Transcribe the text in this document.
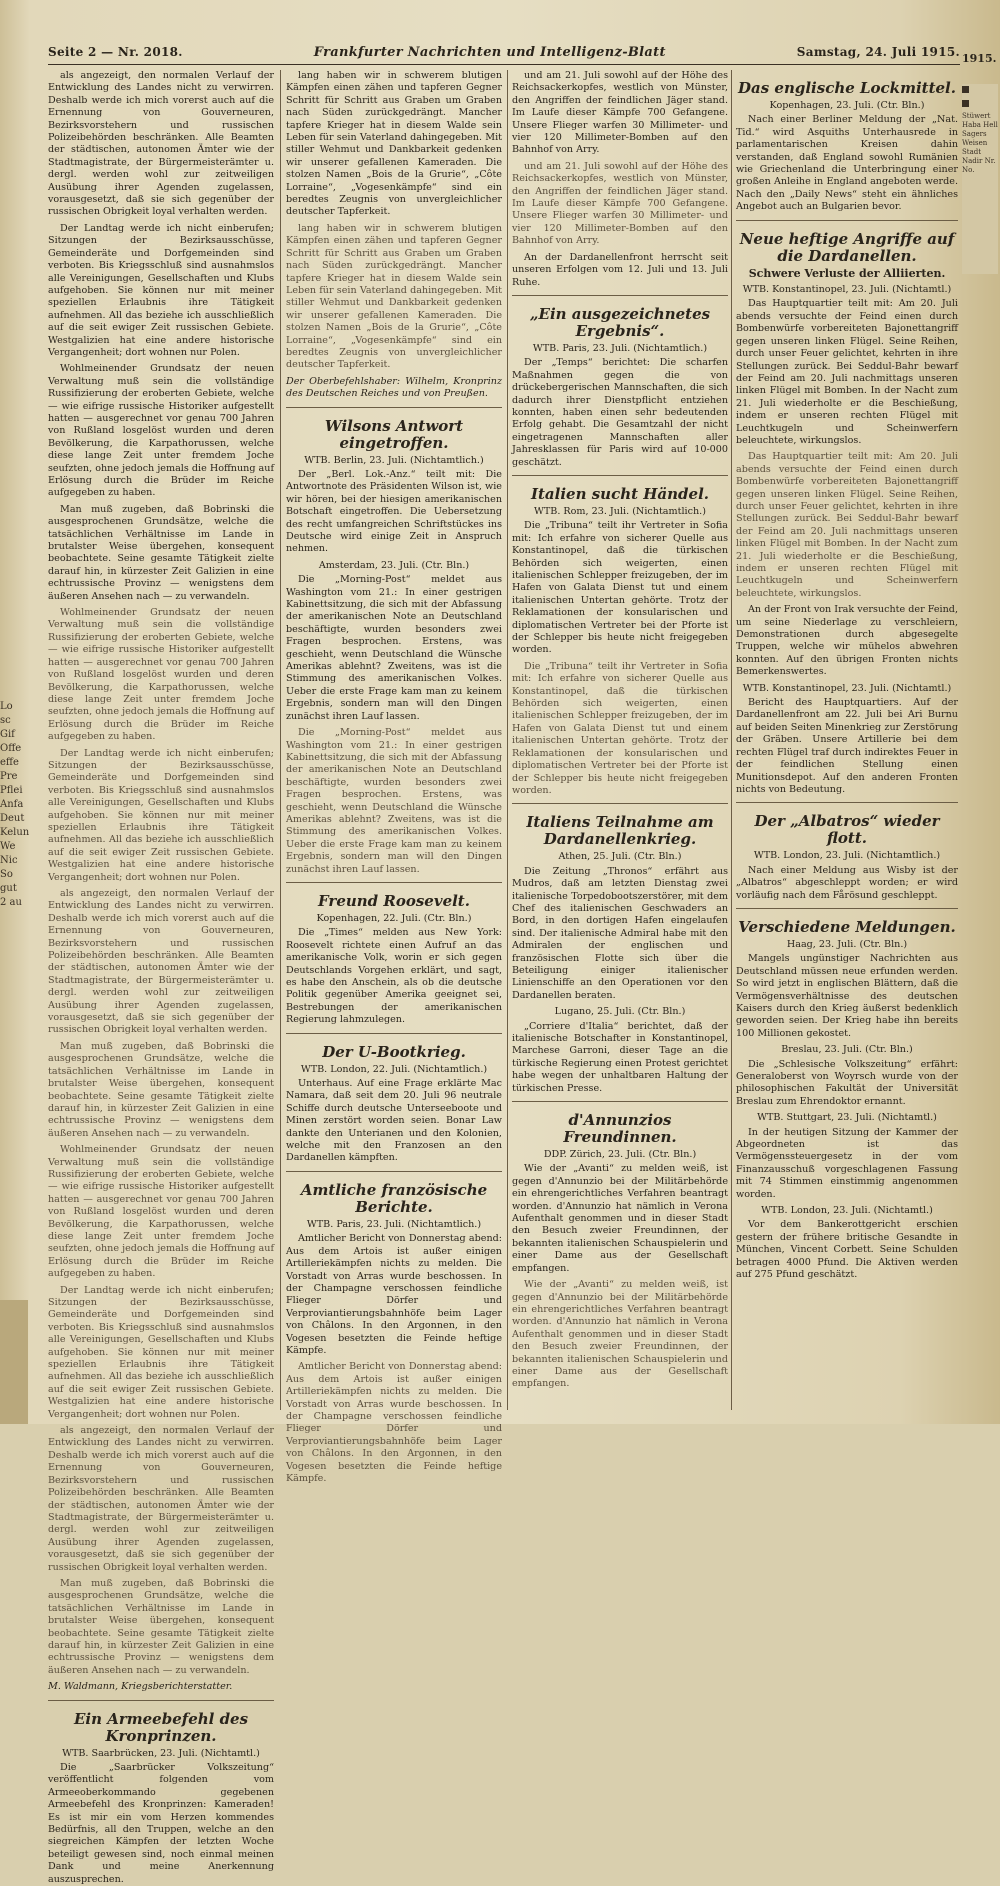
Lo sc Gif Offe effe Pre Pflei Anfa Deut Kelun We Nic So gut 2 au
Seite 2 — Nr. 2018.	Frankfurter Nachrichten und Intelligenz-Blatt	Samstag, 24. Juli 1915. 1915.

Stüwert Haba Hell Sagers Weisen Stadt Nadir Nr. No.

als angezeigt, den normalen Verlauf der Entwicklung des Landes nicht zu verwirren. Deshalb werde ich mich vorerst auch auf die Ernennung von Gouverneuren, Bezirksvorstehern und russischen Polizeibehörden beschränken. Alle Beamten der städtischen, autonomen Ämter wie der Stadtmagistrate, der Bürgermeisterämter u. dergl. werden wohl zur zeitweiligen Ausübung ihrer Agenden zugelassen, vorausgesetzt, daß sie sich gegenüber der russischen Obrigkeit loyal verhalten werden.

Der Landtag werde ich nicht einberufen; Sitzungen der Bezirksausschüsse, Gemeinderäte und Dorfgemeinden sind verboten. Bis Kriegsschluß sind ausnahmslos alle Vereinigungen, Gesellschaften und Klubs aufgehoben. Sie können nur mit meiner speziellen Erlaubnis ihre Tätigkeit aufnehmen. All das beziehe ich ausschließlich auf die seit ewiger Zeit russischen Gebiete. Westgalizien hat eine andere historische Vergangenheit; dort wohnen nur Polen.

Wohlmeinender Grundsatz der neuen Verwaltung muß sein die vollständige Russifizierung der eroberten Gebiete, welche — wie eifrige russische Historiker aufgestellt hatten — ausgerechnet vor genau 700 Jahren von Rußland losgelöst wurden und deren Bevölkerung, die Karpathorussen, welche diese lange Zeit unter fremdem Joche seufzten, ohne jedoch jemals die Hoffnung auf Erlösung durch die Brüder im Reiche aufgegeben zu haben.

Man muß zugeben, daß Bobrinski die ausgesprochenen Grundsätze, welche die tatsächlichen Verhältnisse im Lande in brutalster Weise übergehen, konsequent beobachtete. Seine gesamte Tätigkeit zielte darauf hin, in kürzester Zeit Galizien in eine echtrussische Provinz — wenigstens dem äußeren Ansehen nach — zu verwandeln.

Wohlmeinender Grundsatz der neuen Verwaltung muß sein die vollständige Russifizierung der eroberten Gebiete, welche — wie eifrige russische Historiker aufgestellt hatten — ausgerechnet vor genau 700 Jahren von Rußland losgelöst wurden und deren Bevölkerung, die Karpathorussen, welche diese lange Zeit unter fremdem Joche seufzten, ohne jedoch jemals die Hoffnung auf Erlösung durch die Brüder im Reiche aufgegeben zu haben.

Der Landtag werde ich nicht einberufen; Sitzungen der Bezirksausschüsse, Gemeinderäte und Dorfgemeinden sind verboten. Bis Kriegsschluß sind ausnahmslos alle Vereinigungen, Gesellschaften und Klubs aufgehoben. Sie können nur mit meiner speziellen Erlaubnis ihre Tätigkeit aufnehmen. All das beziehe ich ausschließlich auf die seit ewiger Zeit russischen Gebiete. Westgalizien hat eine andere historische Vergangenheit; dort wohnen nur Polen.

als angezeigt, den normalen Verlauf der Entwicklung des Landes nicht zu verwirren. Deshalb werde ich mich vorerst auch auf die Ernennung von Gouverneuren, Bezirksvorstehern und russischen Polizeibehörden beschränken. Alle Beamten der städtischen, autonomen Ämter wie der Stadtmagistrate, der Bürgermeisterämter u. dergl. werden wohl zur zeitweiligen Ausübung ihrer Agenden zugelassen, vorausgesetzt, daß sie sich gegenüber der russischen Obrigkeit loyal verhalten werden.

Man muß zugeben, daß Bobrinski die ausgesprochenen Grundsätze, welche die tatsächlichen Verhältnisse im Lande in brutalster Weise übergehen, konsequent beobachtete. Seine gesamte Tätigkeit zielte darauf hin, in kürzester Zeit Galizien in eine echtrussische Provinz — wenigstens dem äußeren Ansehen nach — zu verwandeln.

Wohlmeinender Grundsatz der neuen Verwaltung muß sein die vollständige Russifizierung der eroberten Gebiete, welche — wie eifrige russische Historiker aufgestellt hatten — ausgerechnet vor genau 700 Jahren von Rußland losgelöst wurden und deren Bevölkerung, die Karpathorussen, welche diese lange Zeit unter fremdem Joche seufzten, ohne jedoch jemals die Hoffnung auf Erlösung durch die Brüder im Reiche aufgegeben zu haben.

Der Landtag werde ich nicht einberufen; Sitzungen der Bezirksausschüsse, Gemeinderäte und Dorfgemeinden sind verboten. Bis Kriegsschluß sind ausnahmslos alle Vereinigungen, Gesellschaften und Klubs aufgehoben. Sie können nur mit meiner speziellen Erlaubnis ihre Tätigkeit aufnehmen. All das beziehe ich ausschließlich auf die seit ewiger Zeit russischen Gebiete. Westgalizien hat eine andere historische Vergangenheit; dort wohnen nur Polen.

als angezeigt, den normalen Verlauf der Entwicklung des Landes nicht zu verwirren. Deshalb werde ich mich vorerst auch auf die Ernennung von Gouverneuren, Bezirksvorstehern und russischen Polizeibehörden beschränken. Alle Beamten der städtischen, autonomen Ämter wie der Stadtmagistrate, der Bürgermeisterämter u. dergl. werden wohl zur zeitweiligen Ausübung ihrer Agenden zugelassen, vorausgesetzt, daß sie sich gegenüber der russischen Obrigkeit loyal verhalten werden.

Man muß zugeben, daß Bobrinski die ausgesprochenen Grundsätze, welche die tatsächlichen Verhältnisse im Lande in brutalster Weise übergehen, konsequent beobachtete. Seine gesamte Tätigkeit zielte darauf hin, in kürzester Zeit Galizien in eine echtrussische Provinz — wenigstens dem äußeren Ansehen nach — zu verwandeln.

M. Waldmann, Kriegsberichterstatter.

Ein Armeebefehl des Kronprinzen.

WTB. Saarbrücken, 23. Juli. (Nichtamtl.)

Die „Saarbrücker Volkszeitung“ veröffentlicht folgenden vom Armeeoberkommando gegebenen Armeebefehl des Kronprinzen: Kameraden! Es ist mir ein vom Herzen kommendes Bedürfnis, all den Truppen, welche an den siegreichen Kämpfen der letzten Woche beteiligt gewesen sind, noch einmal meinen Dank und meine Anerkennung auszusprechen.

lang haben wir in schwerem blutigen Kämpfen einen zähen und tapferen Gegner Schritt für Schritt aus Graben um Graben nach Süden zurückgedrängt. Mancher tapfere Krieger hat in diesem Walde sein Leben für sein Vaterland dahingegeben. Mit stiller Wehmut und Dankbarkeit gedenken wir unserer gefallenen Kameraden. Die stolzen Namen „Bois de la Grurie“, „Côte Lorraine“, „Vogesenkämpfe“ sind ein beredtes Zeugnis von unvergleichlicher deutscher Tapferkeit.

lang haben wir in schwerem blutigen Kämpfen einen zähen und tapferen Gegner Schritt für Schritt aus Graben um Graben nach Süden zurückgedrängt. Mancher tapfere Krieger hat in diesem Walde sein Leben für sein Vaterland dahingegeben. Mit stiller Wehmut und Dankbarkeit gedenken wir unserer gefallenen Kameraden. Die stolzen Namen „Bois de la Grurie“, „Côte Lorraine“, „Vogesenkämpfe“ sind ein beredtes Zeugnis von unvergleichlicher deutscher Tapferkeit.

Der Oberbefehlshaber: Wilhelm, Kronprinz des Deutschen Reiches und von Preußen.

Wilsons Antwort eingetroffen.

WTB. Berlin, 23. Juli. (Nichtamtlich.)

Der „Berl. Lok.-Anz.“ teilt mit: Die Antwortnote des Präsidenten Wilson ist, wie wir hören, bei der hiesigen amerikanischen Botschaft eingetroffen. Die Uebersetzung des recht umfangreichen Schriftstückes ins Deutsche wird einige Zeit in Anspruch nehmen.

Amsterdam, 23. Juli. (Ctr. Bln.)

Die „Morning-Post“ meldet aus Washington vom 21.: In einer gestrigen Kabinettsitzung, die sich mit der Abfassung der amerikanischen Note an Deutschland beschäftigte, wurden besonders zwei Fragen besprochen. Erstens, was geschieht, wenn Deutschland die Wünsche Amerikas ablehnt? Zweitens, was ist die Stimmung des amerikanischen Volkes. Ueber die erste Frage kam man zu keinem Ergebnis, sondern man will den Dingen zunächst ihren Lauf lassen.

Die „Morning-Post“ meldet aus Washington vom 21.: In einer gestrigen Kabinettsitzung, die sich mit der Abfassung der amerikanischen Note an Deutschland beschäftigte, wurden besonders zwei Fragen besprochen. Erstens, was geschieht, wenn Deutschland die Wünsche Amerikas ablehnt? Zweitens, was ist die Stimmung des amerikanischen Volkes. Ueber die erste Frage kam man zu keinem Ergebnis, sondern man will den Dingen zunächst ihren Lauf lassen.

Freund Roosevelt.

Kopenhagen, 22. Juli. (Ctr. Bln.)

Die „Times“ melden aus New York: Roosevelt richtete einen Aufruf an das amerikanische Volk, worin er sich gegen Deutschlands Vorgehen erklärt, und sagt, es habe den Anschein, als ob die deutsche Politik gegenüber Amerika geeignet sei, Bestrebungen der amerikanischen Regierung lahmzulegen.

Der U-Bootkrieg.

WTB. London, 22. Juli. (Nichtamtlich.)

Unterhaus. Auf eine Frage erklärte Mac Namara, daß seit dem 20. Juli 96 neutrale Schiffe durch deutsche Unterseeboote und Minen zerstört worden seien. Bonar Law dankte den Unterianen und den Kolonien, welche mit den Franzosen an den Dardanellen kämpften.

Amtliche französische Berichte.

WTB. Paris, 23. Juli. (Nichtamtlich.)

Amtlicher Bericht von Donnerstag abend: Aus dem Artois ist außer einigen Artilleriekämpfen nichts zu melden. Die Vorstadt von Arras wurde beschossen. In der Champagne verschossen feindliche Flieger Dörfer und Verproviantierungsbahnhöfe beim Lager von Châlons. In den Argonnen, in den Vogesen besetzten die Feinde heftige Kämpfe.

Amtlicher Bericht von Donnerstag abend: Aus dem Artois ist außer einigen Artilleriekämpfen nichts zu melden. Die Vorstadt von Arras wurde beschossen. In der Champagne verschossen feindliche Flieger Dörfer und Verproviantierungsbahnhöfe beim Lager von Châlons. In den Argonnen, in den Vogesen besetzten die Feinde heftige Kämpfe.

und am 21. Juli sowohl auf der Höhe des Reichsackerkopfes, westlich von Münster, den Angriffen der feindlichen Jäger stand. Im Laufe dieser Kämpfe 700 Gefangene. Unsere Flieger warfen 30 Millimeter- und vier 120 Millimeter-Bomben auf den Bahnhof von Arry.

und am 21. Juli sowohl auf der Höhe des Reichsackerkopfes, westlich von Münster, den Angriffen der feindlichen Jäger stand. Im Laufe dieser Kämpfe 700 Gefangene. Unsere Flieger warfen 30 Millimeter- und vier 120 Millimeter-Bomben auf den Bahnhof von Arry.

An der Dardanellenfront herrscht seit unseren Erfolgen vom 12. Juli und 13. Juli Ruhe.

„Ein ausgezeichnetes Ergebnis“.

WTB. Paris, 23. Juli. (Nichtamtlich.)

Der „Temps“ berichtet: Die scharfen Maßnahmen gegen die von drückebergerischen Mannschaften, die sich dadurch ihrer Dienstpflicht entziehen konnten, haben einen sehr bedeutenden Erfolg gehabt. Die Gesamtzahl der nicht eingetragenen Mannschaften aller Jahresklassen für Paris wird auf 10-000 geschätzt.

Italien sucht Händel.

WTB. Rom, 23. Juli. (Nichtamtlich.)

Die „Tribuna“ teilt ihr Vertreter in Sofia mit: Ich erfahre von sicherer Quelle aus Konstantinopel, daß die türkischen Behörden sich weigerten, einen italienischen Schlepper freizugeben, der im Hafen von Galata Dienst tut und einem italienischen Untertan gehörte. Trotz der Reklamationen der konsularischen und diplomatischen Vertreter bei der Pforte ist der Schlepper bis heute nicht freigegeben worden.

Die „Tribuna“ teilt ihr Vertreter in Sofia mit: Ich erfahre von sicherer Quelle aus Konstantinopel, daß die türkischen Behörden sich weigerten, einen italienischen Schlepper freizugeben, der im Hafen von Galata Dienst tut und einem italienischen Untertan gehörte. Trotz der Reklamationen der konsularischen und diplomatischen Vertreter bei der Pforte ist der Schlepper bis heute nicht freigegeben worden.

Italiens Teilnahme am Dardanellenkrieg.

Athen, 25. Juli. (Ctr. Bln.)

Die Zeitung „Thronos“ erfährt aus Mudros, daß am letzten Dienstag zwei italienische Torpedobootszerstörer, mit dem Chef des italienischen Geschwaders an Bord, in den dortigen Hafen eingelaufen sind. Der italienische Admiral habe mit den Admiralen der englischen und französischen Flotte sich über die Beteiligung einiger italienischer Linienschiffe an den Operationen vor den Dardanellen beraten.

Lugano, 25. Juli. (Ctr. Bln.)

„Corriere d'Italia“ berichtet, daß der italienische Botschafter in Konstantinopel, Marchese Garroni, dieser Tage an die türkische Regierung einen Protest gerichtet habe wegen der unhaltbaren Haltung der türkischen Presse.

d'Annunzios Freundinnen.

DDP. Zürich, 23. Juli. (Ctr. Bln.)

Wie der „Avanti“ zu melden weiß, ist gegen d'Annunzio bei der Militärbehörde ein ehrengerichtliches Verfahren beantragt worden. d'Annunzio hat nämlich in Verona Aufenthalt genommen und in dieser Stadt den Besuch zweier Freundinnen, der bekannten italienischen Schauspielerin und einer Dame aus der Gesellschaft empfangen.

Wie der „Avanti“ zu melden weiß, ist gegen d'Annunzio bei der Militärbehörde ein ehrengerichtliches Verfahren beantragt worden. d'Annunzio hat nämlich in Verona Aufenthalt genommen und in dieser Stadt den Besuch zweier Freundinnen, der bekannten italienischen Schauspielerin und einer Dame aus der Gesellschaft empfangen.

Das englische Lockmittel.

Kopenhagen, 23. Juli. (Ctr. Bln.)

Nach einer Berliner Meldung der „Nat. Tid.“ wird Asquiths Unterhausrede in parlamentarischen Kreisen dahin verstanden, daß England sowohl Rumänien wie Griechenland die Unterbringung einer großen Anleihe in England angeboten werde. Nach den „Daily News“ steht ein ähnliches Angebot auch an Bulgarien bevor.

Neue heftige Angriffe auf die Dardanellen.
Schwere Verluste der Alliierten.

WTB. Konstantinopel, 23. Juli. (Nichtamtl.)

Das Hauptquartier teilt mit: Am 20. Juli abends versuchte der Feind einen durch Bombenwürfe vorbereiteten Bajonettangriff gegen unseren linken Flügel. Seine Reihen, durch unser Feuer gelichtet, kehrten in ihre Stellungen zurück. Bei Seddul-Bahr bewarf der Feind am 20. Juli nachmittags unseren linken Flügel mit Bomben. In der Nacht zum 21. Juli wiederholte er die Beschießung, indem er unseren rechten Flügel mit Leuchtkugeln und Scheinwerfern beleuchtete, wirkungslos.

Das Hauptquartier teilt mit: Am 20. Juli abends versuchte der Feind einen durch Bombenwürfe vorbereiteten Bajonettangriff gegen unseren linken Flügel. Seine Reihen, durch unser Feuer gelichtet, kehrten in ihre Stellungen zurück. Bei Seddul-Bahr bewarf der Feind am 20. Juli nachmittags unseren linken Flügel mit Bomben. In der Nacht zum 21. Juli wiederholte er die Beschießung, indem er unseren rechten Flügel mit Leuchtkugeln und Scheinwerfern beleuchtete, wirkungslos.

An der Front von Irak versuchte der Feind, um seine Niederlage zu verschleiern, Demonstrationen durch abgesegelte Truppen, welche wir mühelos abwehren konnten. Auf den übrigen Fronten nichts Bemerkenswertes.

WTB. Konstantinopel, 23. Juli. (Nichtamtl.)

Bericht des Hauptquartiers. Auf der Dardanellenfront am 22. Juli bei Ari Burnu auf beiden Seiten Minenkrieg zur Zerstörung der Gräben. Unsere Artillerie bei dem rechten Flügel traf durch indirektes Feuer in der feindlichen Stellung einen Munitionsdepot. Auf den anderen Fronten nichts von Bedeutung.

Der „Albatros“ wieder flott.

WTB. London, 23. Juli. (Nichtamtlich.)

Nach einer Meldung aus Wisby ist der „Albatros“ abgeschleppt worden; er wird vorläufig nach dem Fårösund geschleppt.

Verschiedene Meldungen.

Haag, 23. Juli. (Ctr. Bln.)

Mangels ungünstiger Nachrichten aus Deutschland müssen neue erfunden werden. So wird jetzt in englischen Blättern, daß die Vermögensverhältnisse des deutschen Kaisers durch den Krieg äußerst bedenklich geworden seien. Der Krieg habe ihn bereits 100 Millionen gekostet.

Breslau, 23. Juli. (Ctr. Bln.)

Die „Schlesische Volkszeitung“ erfährt: Generaloberst von Woyrsch wurde von der philosophischen Fakultät der Universität Breslau zum Ehrendoktor ernannt.

WTB. Stuttgart, 23. Juli. (Nichtamtl.)

In der heutigen Sitzung der Kammer der Abgeordneten ist das Vermögenssteuergesetz in der vom Finanzausschuß vorgeschlagenen Fassung mit 74 Stimmen einstimmig angenommen worden.

WTB. London, 23. Juli. (Nichtamtl.)

Vor dem Bankerottgericht erschien gestern der frühere britische Gesandte in München, Vincent Corbett. Seine Schulden betragen 4000 Pfund. Die Aktiven werden auf 275 Pfund geschätzt.
